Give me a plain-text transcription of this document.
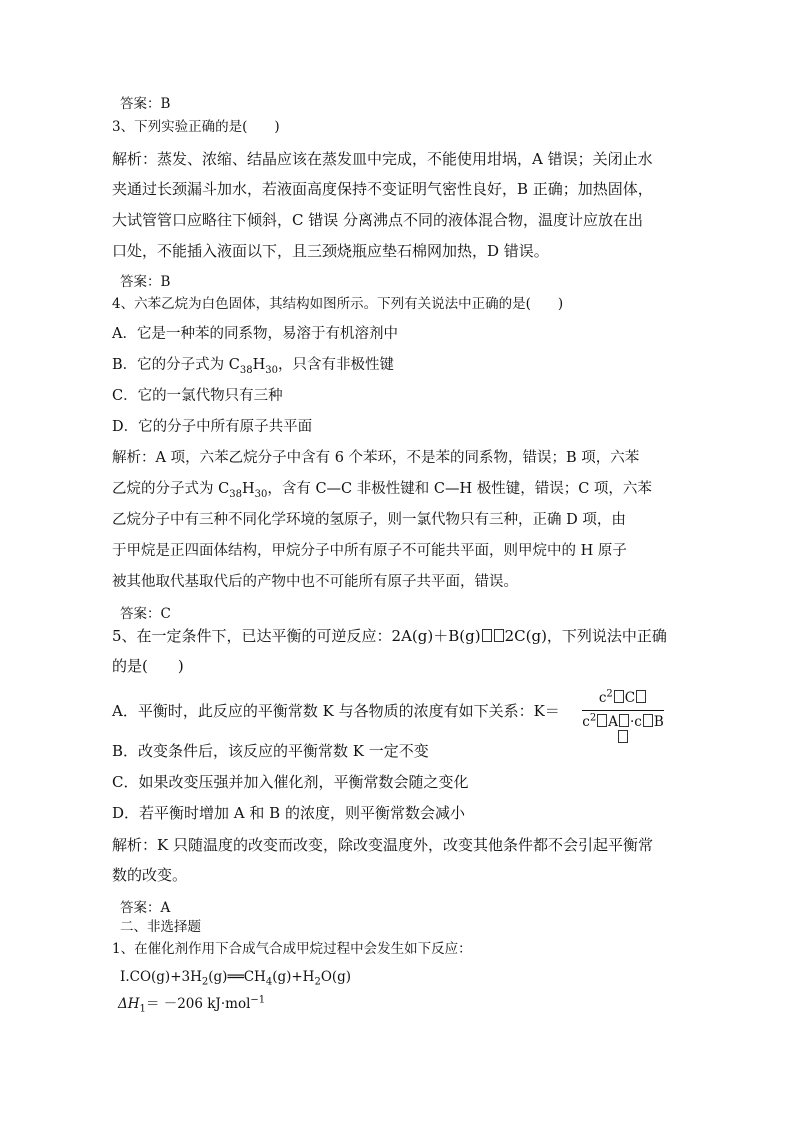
答案：B
3、下列实验正确的是(　　)
解析：蒸发、浓缩、结晶应该在蒸发皿中完成，不能使用坩埚，A 错误；关闭止水
夹通过长颈漏斗加水，若液面高度保持不变证明气密性良好，B 正确；加热固体，
大试管管口应略往下倾斜，C 错误 分离沸点不同的液体混合物，温度计应放在出
口处，不能插入液面以下，且三颈烧瓶应垫石棉网加热，D 错误。
答案：B
4、六苯乙烷为白色固体，其结构如图所示。下列有关说法中正确的是(　　)
A．它是一种苯的同系物，易溶于有机溶剂中
B．它的分子式为 $C_{38}H_{30}$，只含有非极性键
C．它的一氯代物只有三种
D．它的分子中所有原子共平面
解析：A 项，六苯乙烷分子中含有 6 个苯环，不是苯的同系物，错误；B 项，六苯
乙烷的分子式为 $C_{38}H_{30}$，含有 C—C 非极性键和 C—H 极性键，错误；C 项，六苯
乙烷分子中有三种不同化学环境的氢原子，则一氯代物只有三种，正确 D 项，由
于甲烷是正四面体结构，甲烷分子中所有原子不可能共平面，则甲烷中的 H 原子
被其他取代基取代后的产物中也不可能所有原子共平面，错误。
答案：C
5、在一定条件下，已达平衡的可逆反应：2A(g)＋B(g) 2C(g)，下列说法中正确
的是(　　)
A．平衡时，此反应的平衡常数 K 与各物质的浓度有如下关系：K＝
$c^2$ C
$c^2$ A ·c B
B．改变条件后，该反应的平衡常数 K 一定不变
C．如果改变压强并加入催化剂，平衡常数会随之变化
D．若平衡时增加 A 和 B 的浓度，则平衡常数会减小
解析：K 只随温度的改变而改变，除改变温度外，改变其他条件都不会引起平衡常
数的改变。
答案：A
二、非选择题
1、在催化剂作用下合成气合成甲烷过程中会发生如下反应：
$Ⅰ.CO(g)+3H_2(g)══CH_4(g)+H_2O(g)$
$\Delta H_1= -206$ kJ·mol$^{-1}$
